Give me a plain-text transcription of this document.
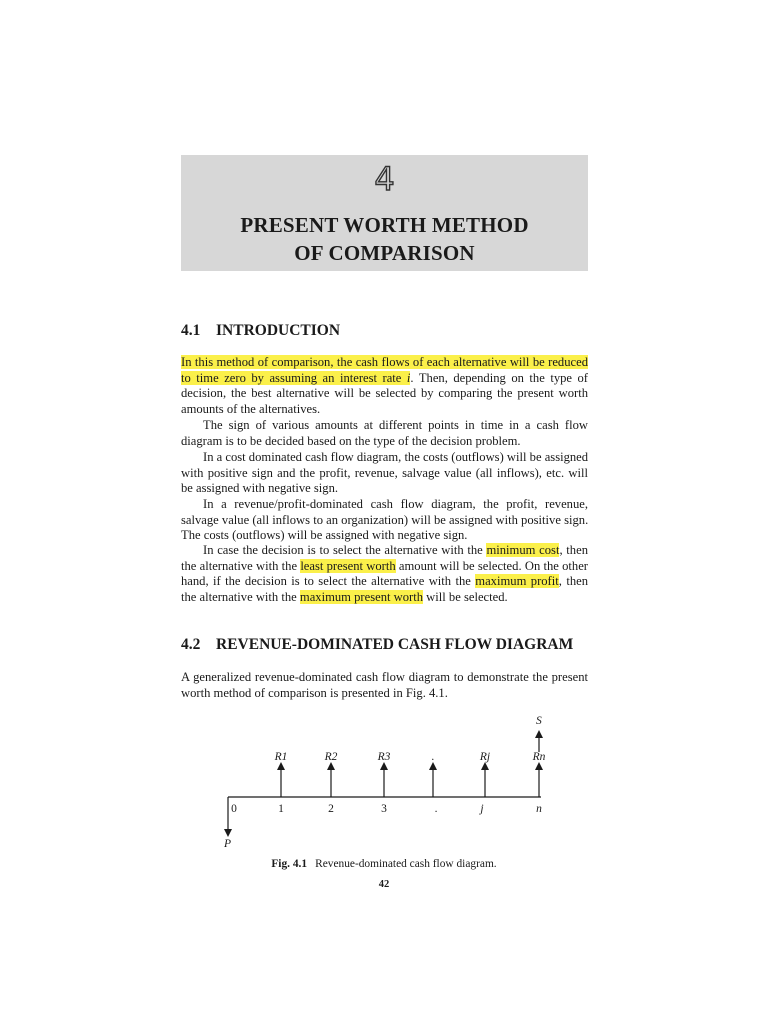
4
PRESENT WORTH METHOD
OF COMPARISON
4.1 INTRODUCTION
In this method of comparison, the cash flows of each alternative will be reduced
to time zero by assuming an interest rate i. Then, depending on the type of
decision, the best alternative will be selected by comparing the present worth
amounts of the alternatives.
The sign of various amounts at different points in time in a cash flow
diagram is to be decided based on the type of the decision problem.
In a cost dominated cash flow diagram, the costs (outflows) will be assigned
with positive sign and the profit, revenue, salvage value (all inflows), etc. will
be assigned with negative sign.
In a revenue/profit-dominated cash flow diagram, the profit, revenue,
salvage value (all inflows to an organization) will be assigned with positive sign.
The costs (outflows) will be assigned with negative sign.
In case the decision is to select the alternative with the minimum cost, then
the alternative with the least present worth amount will be selected. On the other
hand, if the decision is to select the alternative with the maximum profit, then
the alternative with the maximum present worth will be selected.
4.2 REVENUE-DOMINATED CASH FLOW DIAGRAM
A generalized revenue-dominated cash flow diagram to demonstrate the present
worth method of comparison is presented in Fig. 4.1.
R1	R2	R3	.	Rj	Rn
0	1	2	3	.	j	n
P
S
Fig. 4.1 Revenue-dominated cash flow diagram.
42
